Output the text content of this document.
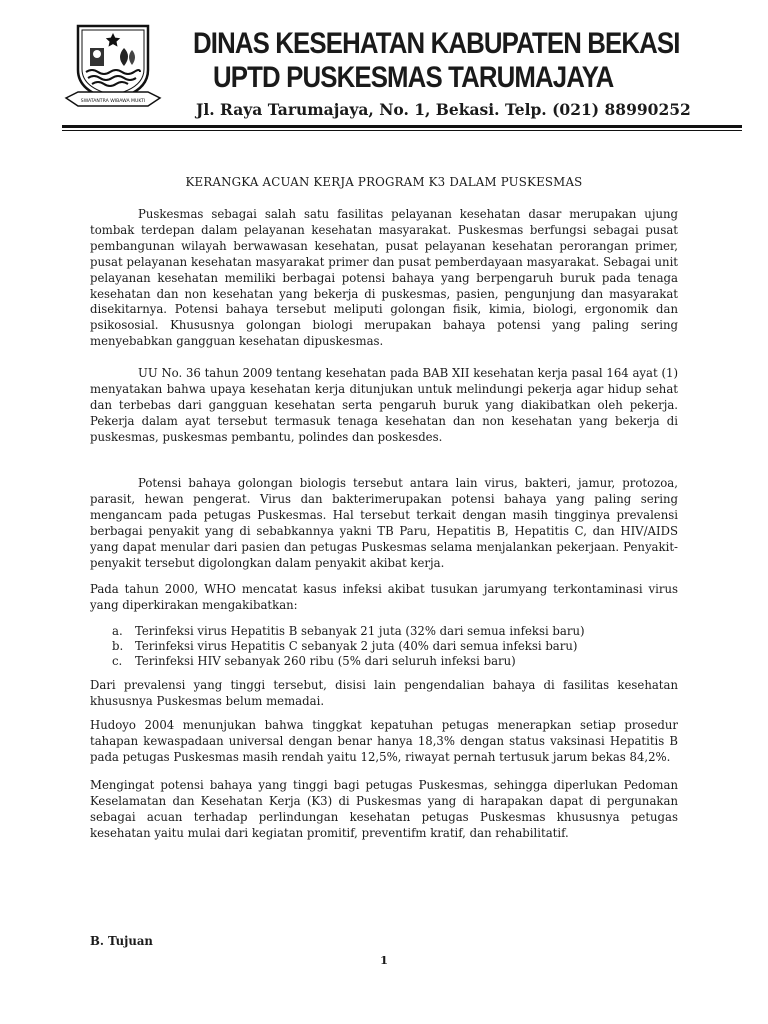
SWATANTRA WIBAWA MUKTI
DINAS KESEHATAN KABUPATEN BEKASI
UPTD PUSKESMAS TARUMAJAYA
Jl. Raya Tarumajaya, No. 1, Bekasi. Telp. (021) 88990252
KERANGKA ACUAN KERJA PROGRAM K3 DALAM PUSKESMAS
Puskesmas sebagai salah satu fasilitas pelayanan kesehatan dasar merupakan ujung tombak terdepan dalam pelayanan kesehatan masyarakat. Puskesmas berfungsi sebagai pusat pembangunan wilayah berwawasan kesehatan, pusat pelayanan kesehatan perorangan primer, pusat pelayanan kesehatan masyarakat primer dan pusat pemberdayaan masyarakat. Sebagai unit pelayanan kesehatan memiliki berbagai potensi bahaya yang berpengaruh buruk pada tenaga kesehatan dan non kesehatan yang bekerja di puskesmas, pasien, pengunjung dan masyarakat disekitarnya. Potensi bahaya tersebut meliputi golongan fisik, kimia, biologi, ergonomik dan psikososial. Khususnya golongan biologi merupakan bahaya potensi yang paling sering menyebabkan gangguan kesehatan dipuskesmas.
UU No. 36 tahun 2009 tentang kesehatan pada BAB XII kesehatan kerja pasal 164 ayat (1) menyatakan bahwa upaya kesehatan kerja ditunjukan untuk melindungi pekerja agar hidup sehat dan terbebas dari gangguan kesehatan serta pengaruh buruk yang diakibatkan oleh pekerja. Pekerja dalam ayat tersebut termasuk tenaga kesehatan dan non kesehatan yang bekerja di puskesmas, puskesmas pembantu, polindes dan poskesdes.
Potensi bahaya golongan biologis tersebut antara lain virus, bakteri, jamur, protozoa, parasit, hewan pengerat. Virus dan bakterimerupakan potensi bahaya yang paling sering mengancam pada petugas Puskesmas. Hal tersebut terkait dengan masih tingginya prevalensi berbagai penyakit yang di sebabkannya yakni TB Paru, Hepatitis B, Hepatitis C, dan HIV/AIDS yang dapat menular dari pasien dan petugas Puskesmas selama menjalankan pekerjaan. Penyakit-penyakit tersebut digolongkan dalam penyakit akibat kerja.
Pada tahun 2000, WHO mencatat kasus infeksi akibat tusukan jarumyang terkontaminasi virus yang diperkirakan mengakibatkan:
a. Terinfeksi virus Hepatitis B sebanyak 21 juta (32% dari semua infeksi baru)
b. Terinfeksi virus Hepatitis C sebanyak 2 juta (40% dari semua infeksi baru)
c. Terinfeksi HIV sebanyak 260 ribu (5% dari seluruh infeksi baru)
Dari prevalensi yang tinggi tersebut, disisi lain pengendalian bahaya di fasilitas kesehatan khususnya Puskesmas belum memadai.
Hudoyo 2004 menunjukan bahwa tinggkat kepatuhan petugas menerapkan setiap prosedur tahapan kewaspadaan universal dengan benar hanya 18,3% dengan status vaksinasi Hepatitis B pada petugas Puskesmas masih rendah yaitu 12,5%, riwayat pernah tertusuk jarum bekas 84,2%.
Mengingat potensi bahaya yang tinggi bagi petugas Puskesmas, sehingga diperlukan Pedoman Keselamatan dan Kesehatan Kerja (K3) di Puskesmas yang di harapakan dapat di pergunakan sebagai acuan terhadap perlindungan kesehatan petugas Puskesmas khususnya petugas kesehatan yaitu mulai dari kegiatan promitif, preventifm kratif, dan rehabilitatif.
B. Tujuan
1
